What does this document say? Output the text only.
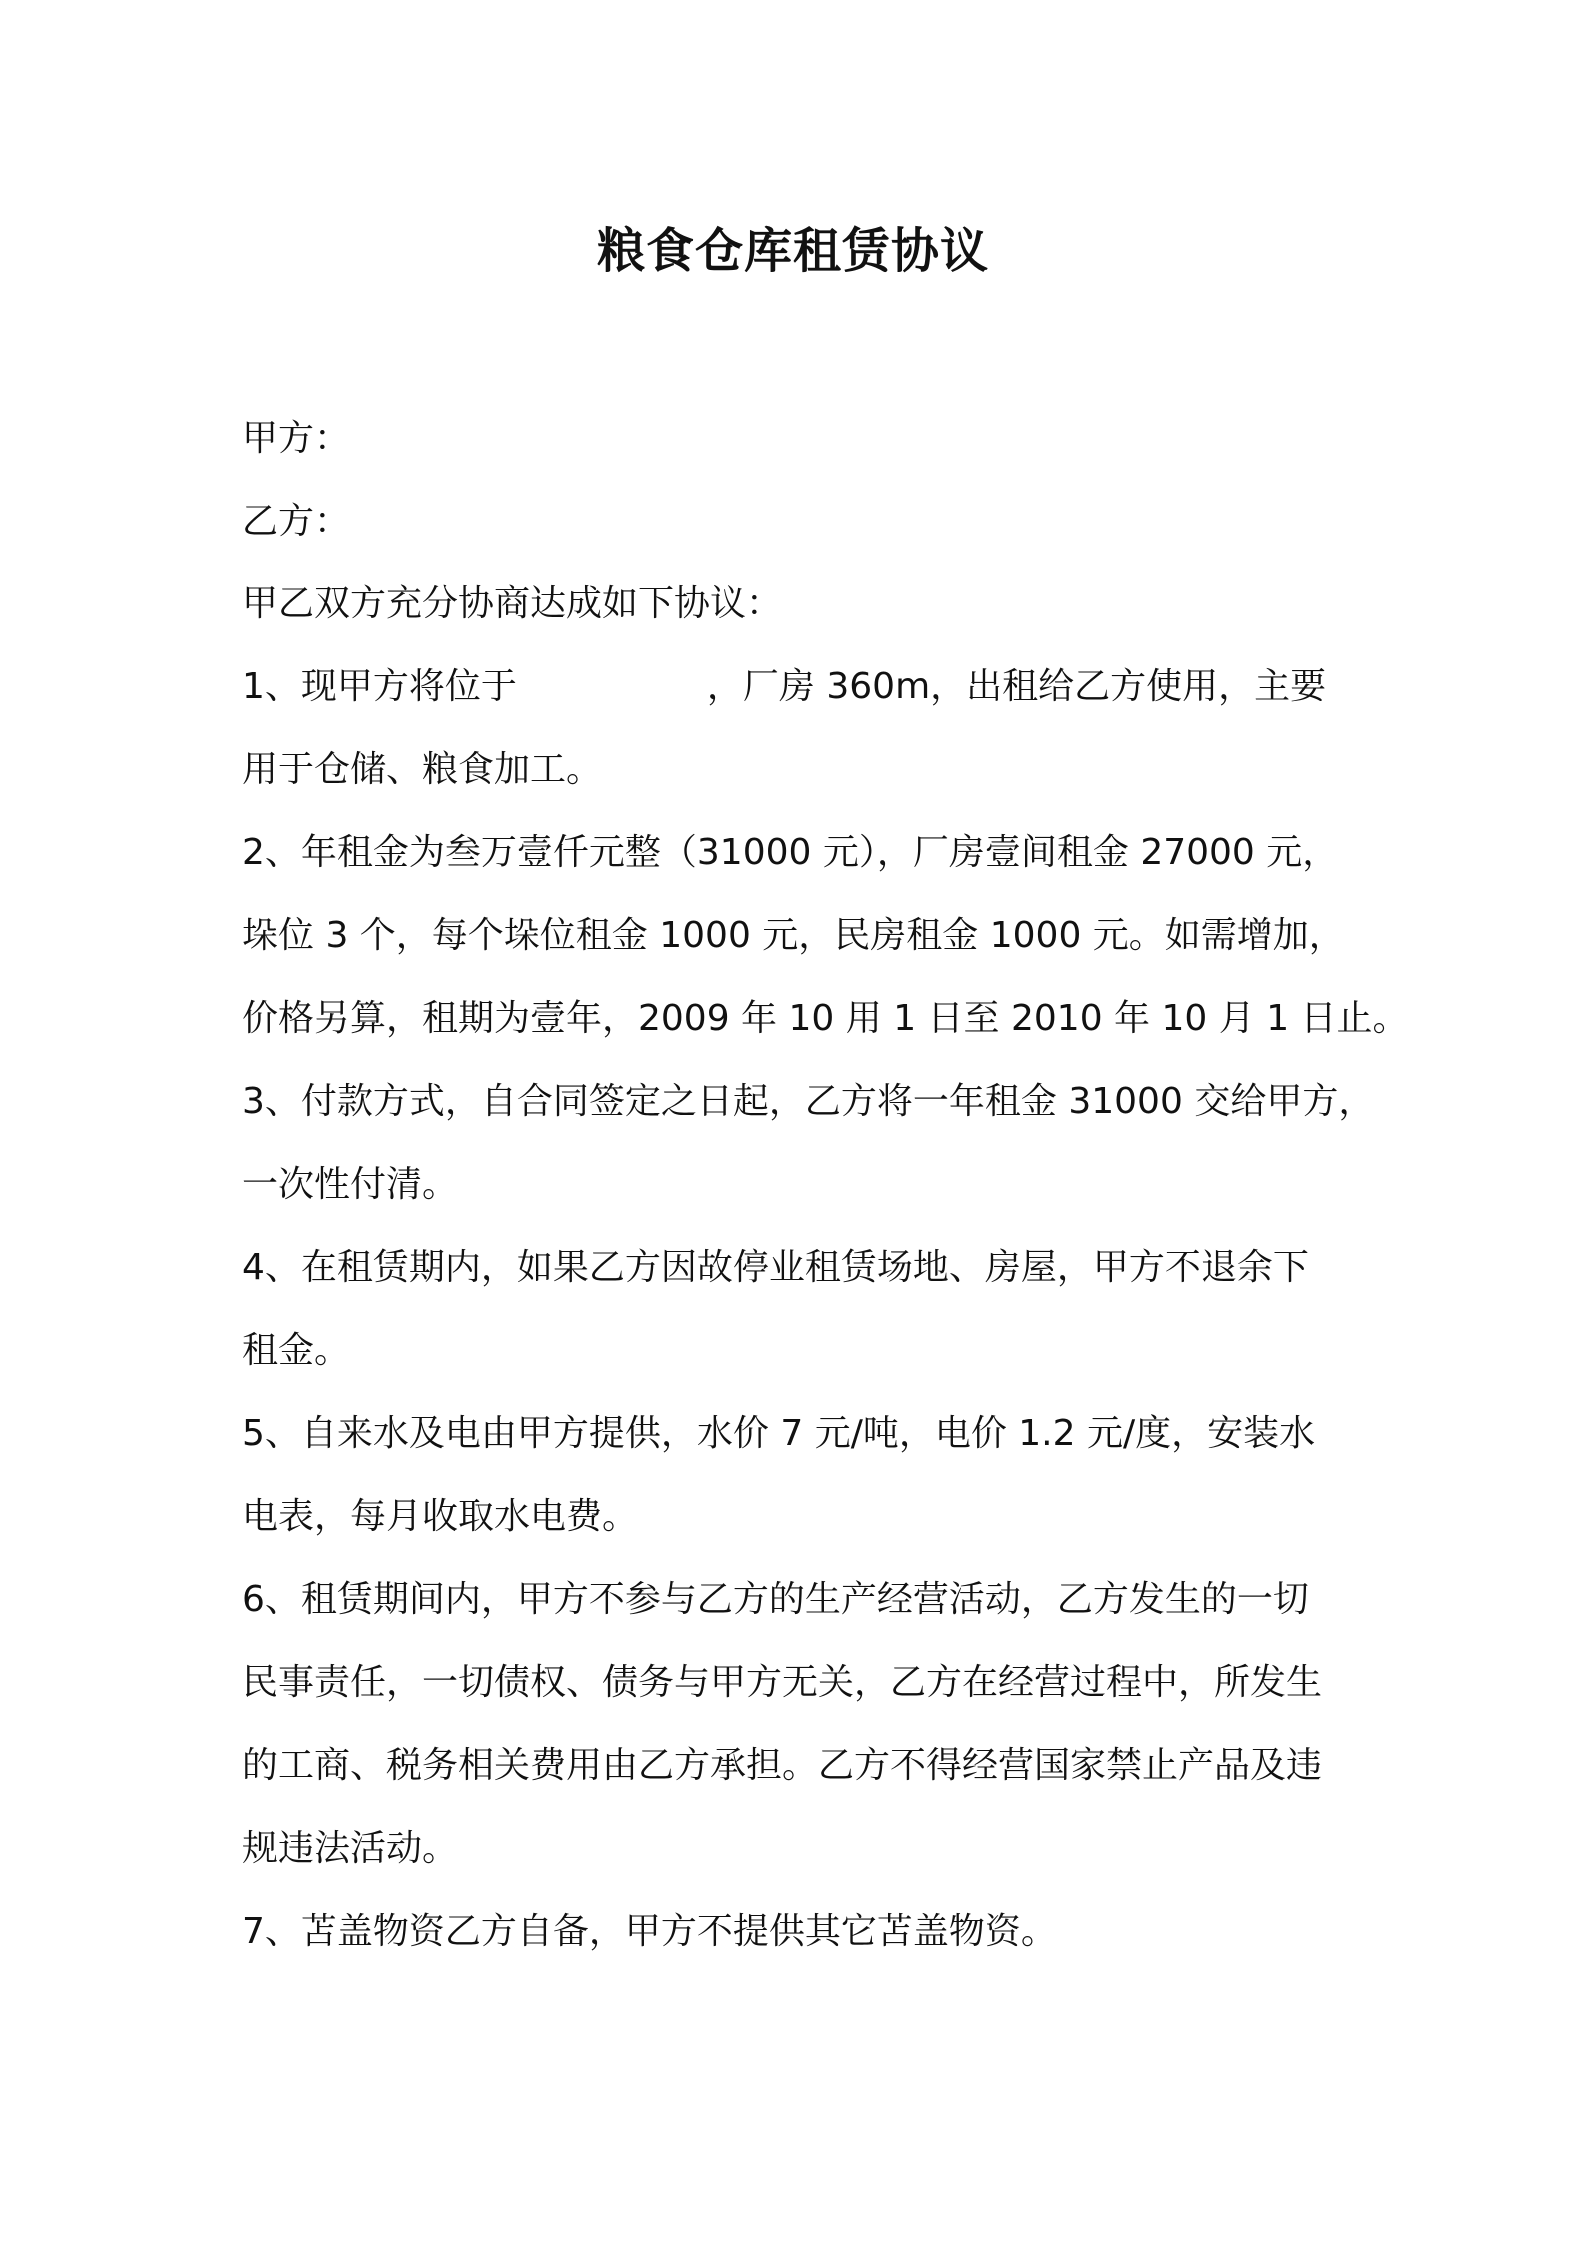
粮食仓库租赁协议
甲方：
乙方：
甲乙双方充分协商达成如下协议：
1、现甲方将位于	，厂房 360m，出租给乙方使用，主要
用于仓储、粮食加工。
2、年租金为叁万壹仟元整（31000 元），厂房壹间租金 27000 元，
垛位 3 个，每个垛位租金 1000 元，民房租金 1000 元。如需增加，
价格另算，租期为壹年，2009 年 10 用 1 日至 2010 年 10 月 1 日止。
3、付款方式，自合同签定之日起，乙方将一年租金 31000 交给甲方，
一次性付清。
4、在租赁期内，如果乙方因故停业租赁场地、房屋，甲方不退余下
租金。
5、自来水及电由甲方提供，水价 7 元/吨，电价 1.2 元/度，安装水
电表，每月收取水电费。
6、租赁期间内，甲方不参与乙方的生产经营活动，乙方发生的一切
民事责任，一切债权、债务与甲方无关，乙方在经营过程中，所发生
的工商、税务相关费用由乙方承担。乙方不得经营国家禁止产品及违
规违法活动。
7、苫盖物资乙方自备，甲方不提供其它苫盖物资。
